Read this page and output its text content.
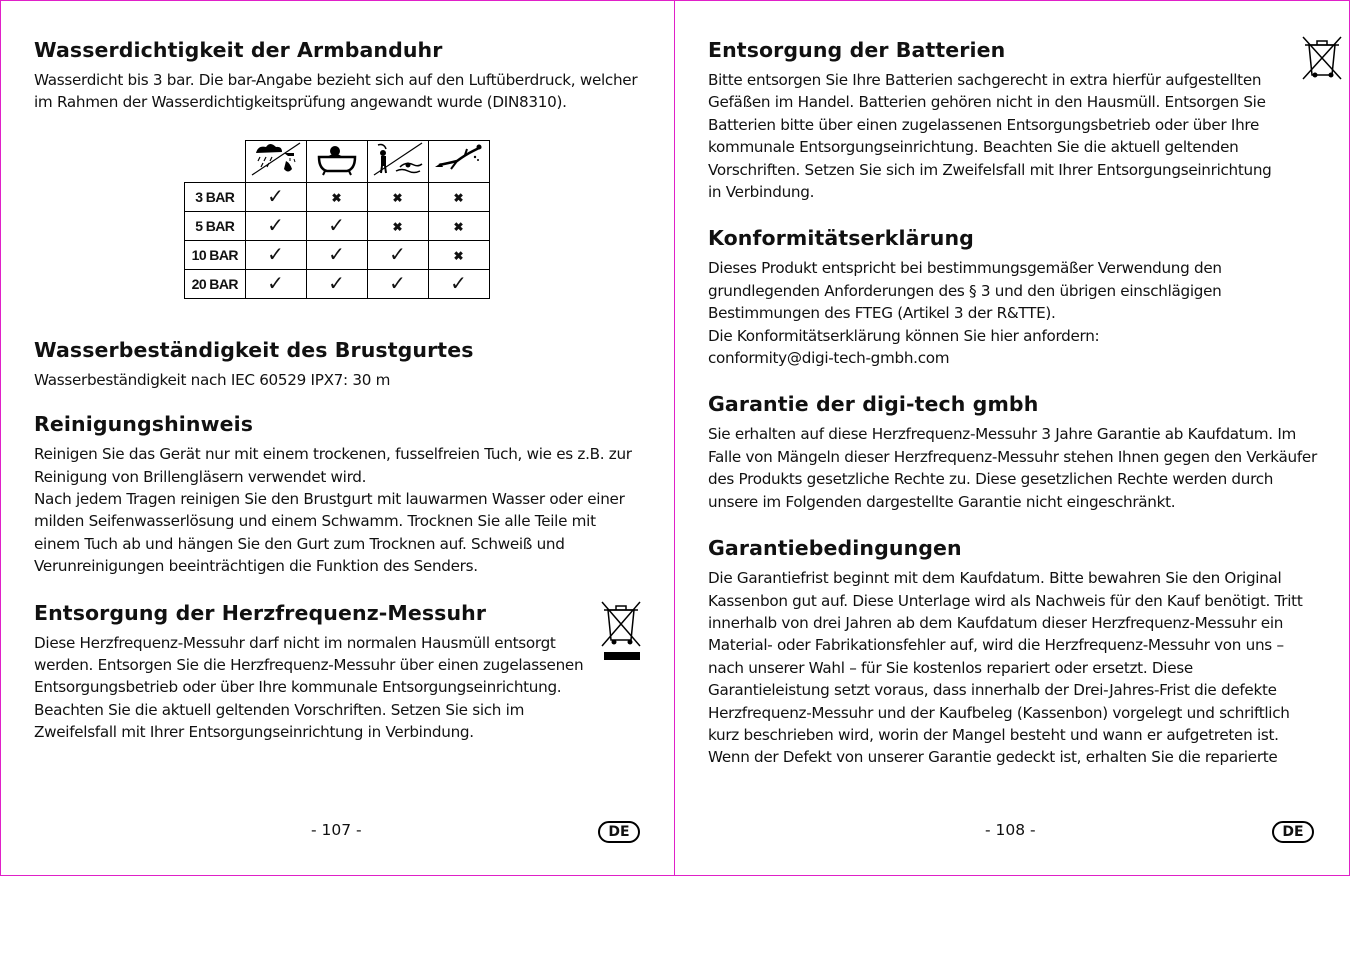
Wasserdichtigkeit der Armbanduhr

Wasserdicht bis 3 bar. Die bar-Angabe bezieht sich auf den Luftüberdruck, welcher im Rahmen der Wasserdichtigkeitsprüfung angewandt wurde (DIN8310).

3 BAR	✓	✖	✖	✖
5 BAR	✓	✓	✖	✖
10 BAR	✓	✓	✓	✖
20 BAR	✓	✓	✓	✓
Wasserbeständigkeit des Brustgurtes

Wasserbeständigkeit nach IEC 60529 IPX7: 30 m

Reinigungshinweis

Reinigen Sie das Gerät nur mit einem trockenen, fusselfreien Tuch, wie es z.B. zur Reinigung von Brillengläsern verwendet wird.

Nach jedem Tragen reinigen Sie den Brustgurt mit lauwarmen Wasser oder einer milden Seifenwasserlösung und einem Schwamm. Trocknen Sie alle Teile mit einem Tuch ab und hängen Sie den Gurt zum Trocknen auf. Schweiß und Verunreinigungen beeinträchtigen die Funktion des Senders.

Entsorgung der Herzfrequenz-Messuhr

Diese Herzfrequenz-Messuhr darf nicht im normalen Hausmüll entsorgt werden. Entsorgen Sie die Herzfrequenz-Messuhr über einen zugelassenen Entsorgungsbetrieb oder über Ihre kommunale Entsorgungseinrichtung. Beachten Sie die aktuell geltenden Vorschriften. Setzen Sie sich im Zweifelsfall mit Ihrer Entsorgungseinrichtung in Verbindung.

- 107 -	DE
Entsorgung der Batterien

Bitte entsorgen Sie Ihre Batterien sachgerecht in extra hierfür aufgestellten Gefäßen im Handel. Batterien gehören nicht in den Hausmüll. Entsorgen Sie Batterien bitte über einen zugelassenen Entsorgungsbetrieb oder über Ihre kommunale Entsorgungseinrichtung. Beachten Sie die aktuell geltenden Vorschriften. Setzen Sie sich im Zweifelsfall mit Ihrer Entsorgungseinrichtung in Verbindung.

Konformitätserklärung

Dieses Produkt entspricht bei bestimmungsgemäßer Verwendung den grundlegenden Anforderungen des § 3 und den übrigen einschlägigen Bestimmungen des FTEG (Artikel 3 der R&TTE).

Die Konformitätserklärung können Sie hier anfordern:

conformity@digi-tech-gmbh.com

Garantie der digi-tech gmbh

Sie erhalten auf diese Herzfrequenz-Messuhr 3 Jahre Garantie ab Kaufdatum. Im Falle von Mängeln dieser Herzfrequenz-Messuhr stehen Ihnen gegen den Verkäufer des Produkts gesetzliche Rechte zu. Diese gesetzlichen Rechte werden durch unsere im Folgenden dargestellte Garantie nicht eingeschränkt.

Garantiebedingungen

Die Garantiefrist beginnt mit dem Kaufdatum. Bitte bewahren Sie den Original Kassenbon gut auf. Diese Unterlage wird als Nachweis für den Kauf benötigt. Tritt innerhalb von drei Jahren ab dem Kaufdatum dieser Herzfrequenz-Messuhr ein Material- oder Fabrikationsfehler auf, wird die Herzfrequenz-Messuhr von uns – nach unserer Wahl – für Sie kostenlos repariert oder ersetzt. Diese Garantieleistung setzt voraus, dass innerhalb der Drei-Jahres-Frist die defekte Herzfrequenz-Messuhr und der Kaufbeleg (Kassenbon) vorgelegt und schriftlich kurz beschrieben wird, worin der Mangel besteht und wann er aufgetreten ist. Wenn der Defekt von unserer Garantie gedeckt ist, erhalten Sie die reparierte

- 108 -	DE
